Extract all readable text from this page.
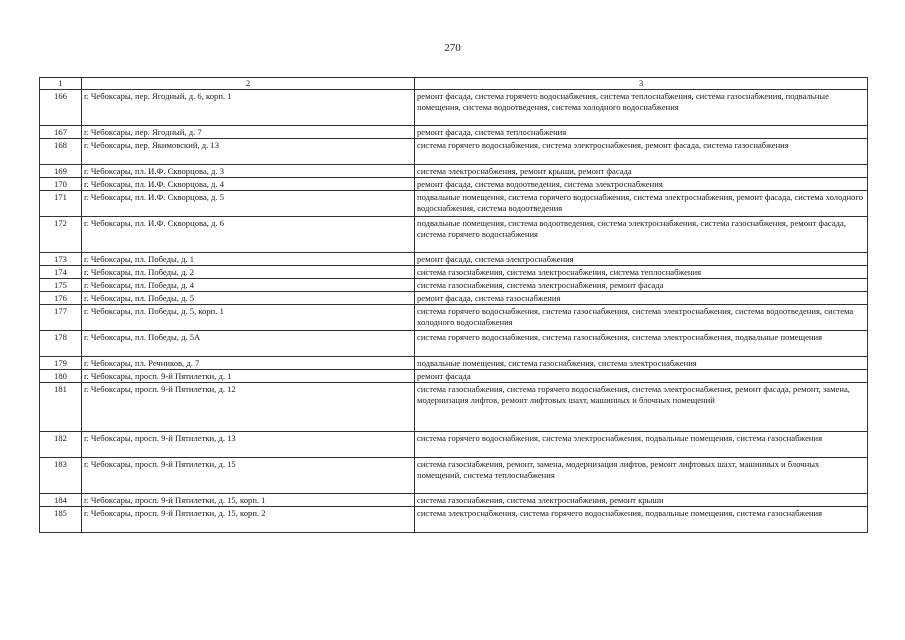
270
1	2	3
166	г. Чебоксары, пер. Ягодный, д. 6, корп. 1	ремонт фасада, система горячего водоснабжения, система теплоснабжения, система газоснабжения, подвальные помещения, система водоотведения, система холодного водоснабжения
167	г. Чебоксары, пер. Ягодный, д. 7	ремонт фасада, система теплоснабжения
168	г. Чебоксары, пер. Якимовский, д. 13	система горячего водоснабжения, система электроснабжения, ремонт фасада, система газоснабжения
169	г. Чебоксары, пл. И.Ф. Скворцова, д. 3	система электроснабжения, ремонт крыши, ремонт фасада
170	г. Чебоксары, пл. И.Ф. Скворцова, д. 4	ремонт фасада, система водоотведения, система электроснабжения
171	г. Чебоксары, пл. И.Ф. Скворцова, д. 5	подвальные помещения, система горячего водоснабжения, система электроснабжения, ремонт фасада, система холодного водоснабжения, система водоотведения
172	г. Чебоксары, пл. И.Ф. Скворцова, д. 6	подвальные помещения, система водоотведения, система электроснабжения, система газоснабжения, ремонт фасада, система горячего водоснабжения
173	г. Чебоксары, пл. Победы, д. 1	ремонт фасада, система электроснабжения
174	г. Чебоксары, пл. Победы, д. 2	система газоснабжения, система электроснабжения, система теплоснабжения
175	г. Чебоксары, пл. Победы, д. 4	система газоснабжения, система электроснабжения, ремонт фасада
176	г. Чебоксары, пл. Победы, д. 5	ремонт фасада, система газоснабжения
177	г. Чебоксары, пл. Победы, д. 5, корп. 1	система горячего водоснабжения, система газоснабжения, система электроснабжения, система водоотведения, система холодного водоснабжения
178	г. Чебоксары, пл. Победы, д. 5А	система горячего водоснабжения, система газоснабжения, система электроснабжения, подвальные помещения
179	г. Чебоксары, пл. Речников, д. 7	подвальные помещения, система газоснабжения, система электроснабжения
180	г. Чебоксары, просп. 9-й Пятилетки, д. 1	ремонт фасада
181	г. Чебоксары, просп. 9-й Пятилетки, д. 12	система газоснабжения, система горячего водоснабжения, система электроснабжения, ремонт фасада, ремонт, замена, модернизация лифтов, ремонт лифтовых шахт, машинных и блочных помещений
182	г. Чебоксары, просп. 9-й Пятилетки, д. 13	система горячего водоснабжения, система электроснабжения, подвальные помещения, система газоснабжения
183	г. Чебоксары, просп. 9-й Пятилетки, д. 15	система газоснабжения, ремонт, замена, модернизация лифтов, ремонт лифтовых шахт, машинных и блочных помещений, система теплоснабжения
184	г. Чебоксары, просп. 9-й Пятилетки, д. 15, корп. 1	система газоснабжения, система электроснабжения, ремонт крыши
185	г. Чебоксары, просп. 9-й Пятилетки, д. 15, корп. 2	система электроснабжения, система горячего водоснабжения, подвальные помещения, система газоснабжения
